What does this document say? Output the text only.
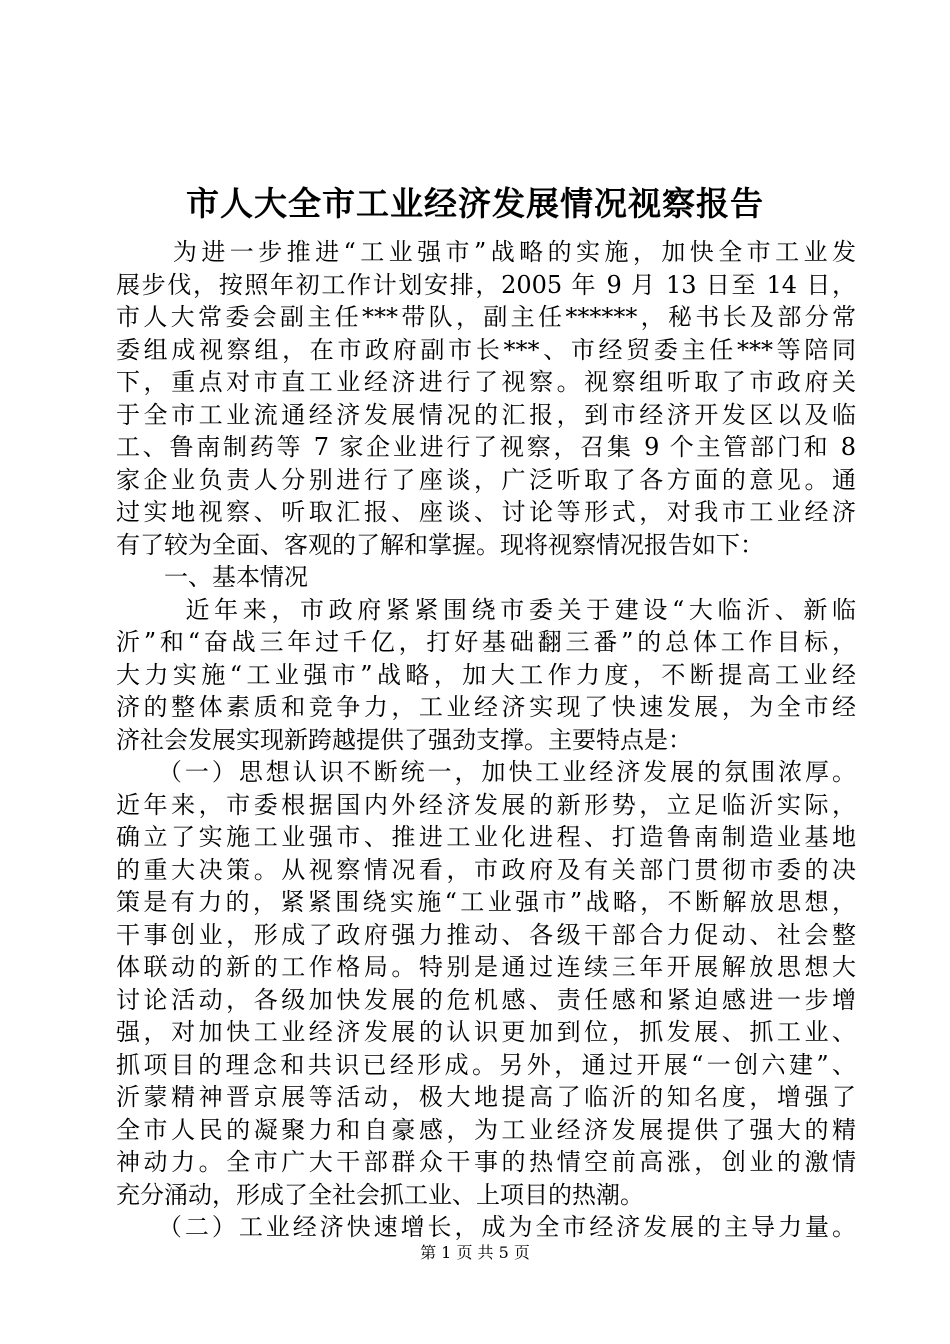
市人大全市工业经济发展情况视察报告
　　为进一步推进“工业强市”战略的实施，加快全市工业发
展步伐，按照年初工作计划安排，2005 年 9 月 13 日至 14 日，
市人大常委会副主任***带队，副主任******，秘书长及部分常
委组成视察组，在市政府副市长***、市经贸委主任***等陪同
下，重点对市直工业经济进行了视察。视察组听取了市政府关
于全市工业流通经济发展情况的汇报，到市经济开发区以及临
工、鲁南制药等 7 家企业进行了视察，召集 9 个主管部门和 8
家企业负责人分别进行了座谈，广泛听取了各方面的意见。通
过实地视察、听取汇报、座谈、讨论等形式，对我市工业经济
有了较为全面、客观的了解和掌握。现将视察情况报告如下：
　　一、基本情况
　　 近年来，市政府紧紧围绕市委关于建设“大临沂、新临
沂”和“奋战三年过千亿，打好基础翻三番”的总体工作目标，
大力实施“工业强市”战略，加大工作力度，不断提高工业经
济的整体素质和竞争力，工业经济实现了快速发展，为全市经
济社会发展实现新跨越提供了强劲支撑。主要特点是：
　　（一）思想认识不断统一，加快工业经济发展的氛围浓厚。
近年来，市委根据国内外经济发展的新形势，立足临沂实际，
确立了实施工业强市、推进工业化进程、打造鲁南制造业基地
的重大决策。从视察情况看，市政府及有关部门贯彻市委的决
策是有力的，紧紧围绕实施“工业强市”战略，不断解放思想，
干事创业，形成了政府强力推动、各级干部合力促动、社会整
体联动的新的工作格局。特别是通过连续三年开展解放思想大
讨论活动，各级加快发展的危机感、责任感和紧迫感进一步增
强，对加快工业经济发展的认识更加到位，抓发展、抓工业、
抓项目的理念和共识已经形成。另外，通过开展“一创六建”、
沂蒙精神晋京展等活动，极大地提高了临沂的知名度，增强了
全市人民的凝聚力和自豪感，为工业经济发展提供了强大的精
神动力。全市广大干部群众干事的热情空前高涨，创业的激情
充分涌动，形成了全社会抓工业、上项目的热潮。
　　（二）工业经济快速增长，成为全市经济发展的主导力量。
第 1 页 共 5 页
